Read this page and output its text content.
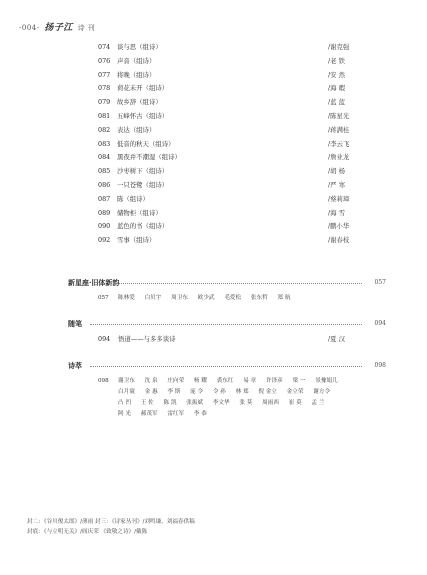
-004- 扬子江 诗 刊
074 谈与思（组诗）	/谢克强
076 声音（组诗）	/老 铁
077 将晚（组诗）	/安 然
078 荷花未开（组诗）	/海 暇
079 故乡辞（组诗）	/蓝 蓝
081 五峰怀古（组诗）	/陈星光
082 表达（组诗）	/蒋满桂
083 低音的秋天（组诗）	/李云飞
084 黑夜并不潮湿（组诗）	/詹业龙
085 沙枣树下（组诗）	/胡 杨
086 一只苍鹭（组诗）	/严 寒
087 陈（组诗）	/蔡莉璋
089 储物柜（组诗）	/海 雪
090 蓝色的书（组诗）	/鹏小华
092 雪事（组诗）	/谢春枝
新星座·旧体新韵	057
057 陈林爱 白贝宇 周卫东 欧少武 毛爱松 张东哲 郑 航
随笔	094
094 悟道——与多多谈诗	/夏 汉
诗萃	098
098 谢卫东 沈 泉 庄向荣 杨 耀 裘东红 易 章 许泽彦 梁 一 景豫娟儿 白月寰 金 惠 李 斯 庞 令 令 孙 林 郑 倪 金立 金立荣 谢方令 凸 凹 王 佐 陈 凯 张振斌 李文华 张 莫 周雨西 崔 莫 孟 兰 阿 光 郝茂军 雷红军 李 恭
封二：《谷川俊太郎》/薄雨 封三：《诗家丛刊》/刘鸣谦、刘福春供稿
封底：《与立明无关》/阎庆荣 《致敬之诗》/戴陈
